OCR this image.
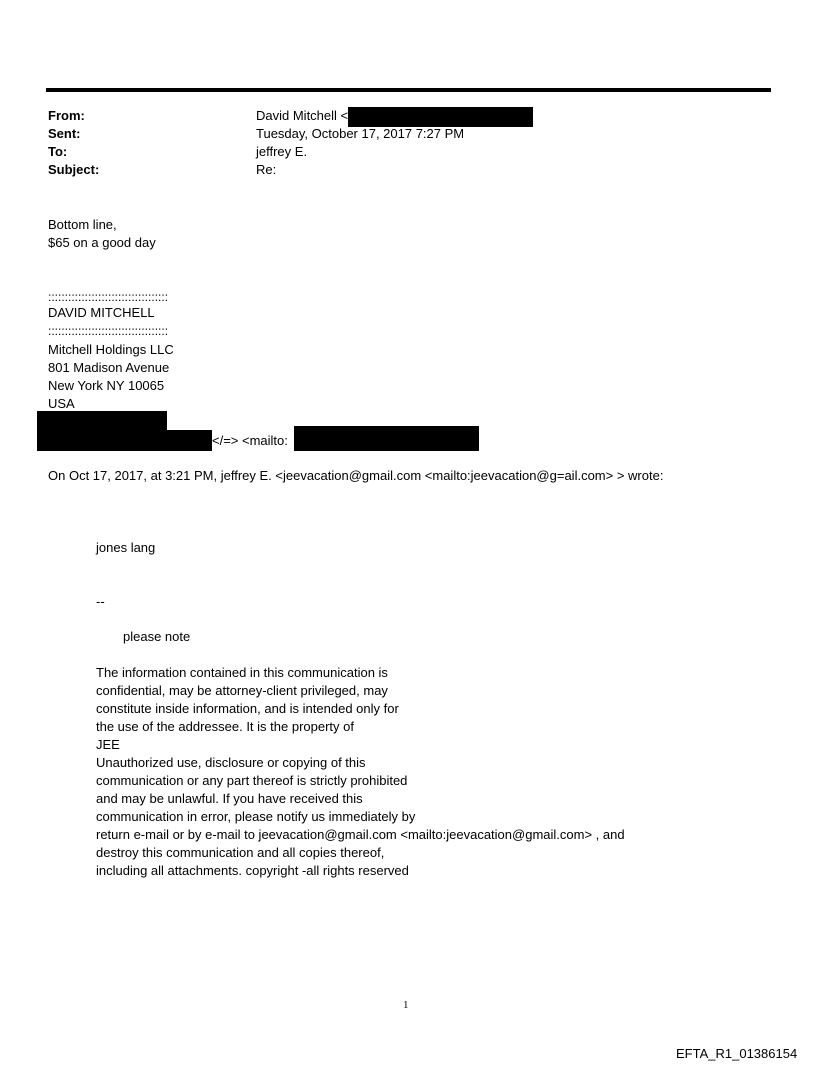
From:
Sent:
To:
Subject:
David Mitchell <
Tuesday, October 17, 2017 7:27 PM
jeffrey E.
Re:
Bottom line,
$65 on a good day
::::::::::::::::::::::::::::::::::::
DAVID MITCHELL
::::::::::::::::::::::::::::::::::::
Mitchell Holdings LLC
801 Madison Avenue
New York NY 10065
USA
</=> <mailto:
On Oct 17, 2017, at 3:21 PM, jeffrey E. <jeevacation@gmail.com <mailto:jeevacation@g=ail.com> > wrote:
jones lang
--
please note
The information contained in this communication is
confidential, may be attorney-client privileged, may
constitute inside information, and is intended only for
the use of the addressee. It is the property of
JEE
Unauthorized use, disclosure or copying of this
communication or any part thereof is strictly prohibited
and may be unlawful. If you have received this
communication in error, please notify us immediately by
return e-mail or by e-mail to jeevacation@gmail.com <mailto:jeevacation@gmail.com> , and
destroy this communication and all copies thereof,
including all attachments. copyright -all rights reserved
1
EFTA_R1_01386154
